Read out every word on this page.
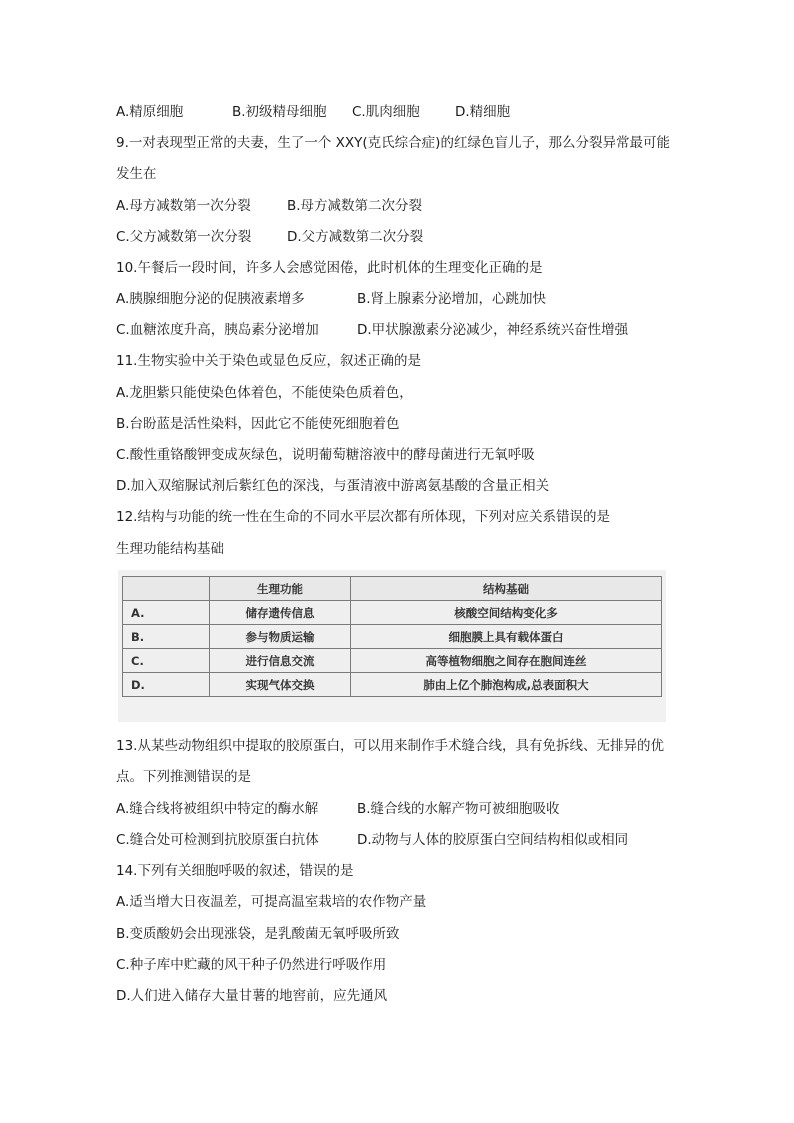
A.精原细胞	B.初级精母细胞	C.肌肉细胞	D.精细胞
9.一对表现型正常的夫妻，生了一个 XXY(克氏综合症)的红绿色盲儿子，那么分裂异常最可能
发生在
A.母方减数第一次分裂	B.母方减数第二次分裂
C.父方减数第一次分裂	D.父方减数第二次分裂
10.午餐后一段时间，许多人会感觉困倦，此时机体的生理变化正确的是
A.胰腺细胞分泌的促胰液素增多	B.肾上腺素分泌增加，心跳加快
C.血糖浓度升高，胰岛素分泌增加	D.甲状腺激素分泌减少，神经系统兴奋性增强
11.生物实验中关于染色或显色反应，叙述正确的是
A.龙胆紫只能使染色体着色，不能使染色质着色，
B.台盼蓝是活性染料，因此它不能使死细胞着色
C.酸性重铬酸钾变成灰绿色，说明葡萄糖溶液中的酵母菌进行无氧呼吸
D.加入双缩脲试剂后紫红色的深浅，与蛋清液中游离氨基酸的含量正相关
12.结构与功能的统一性在生命的不同水平层次都有所体现，下列对应关系错误的是
生理功能结构基础
	生理功能	结构基础
A.	储存遗传信息	核酸空间结构变化多
B.	参与物质运输	细胞膜上具有载体蛋白
C.	进行信息交流	高等植物细胞之间存在胞间连丝
D.	实现气体交换	肺由上亿个肺泡构成,总表面积大
13.从某些动物组织中提取的胶原蛋白，可以用来制作手术缝合线，具有免拆线、无排异的优
点。下列推测错误的是
A.缝合线将被组织中特定的酶水解	B.缝合线的水解产物可被细胞吸收
C.缝合处可检测到抗胶原蛋白抗体	D.动物与人体的胶原蛋白空间结构相似或相同
14.下列有关细胞呼吸的叙述，错误的是
A.适当增大日夜温差，可提高温室栽培的农作物产量
B.变质酸奶会出现涨袋，是乳酸菌无氧呼吸所致
C.种子库中贮藏的风干种子仍然进行呼吸作用
D.人们进入储存大量甘薯的地窖前，应先通风
